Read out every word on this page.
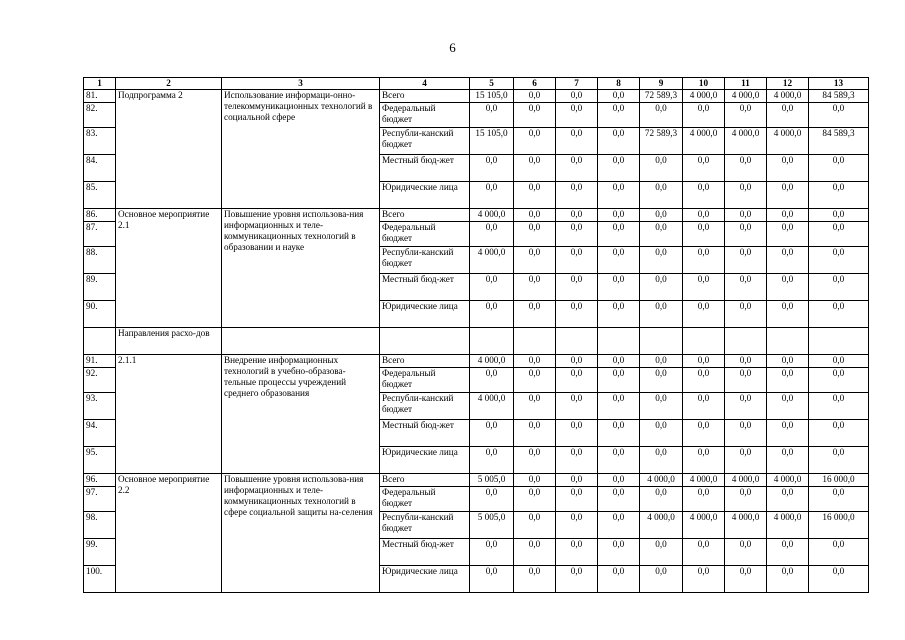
6
1	2	3	4	5	6	7	8	9	10	11	12	13
81.	Подпрограмма 2	Использование информаци-онно-телекоммуникационных технологий в социальной сфере	Всего	15 105,0	0,0	0,0	0,0	72 589,3	4 000,0	4 000,0	4 000,0	84 589,3
82.			Федеральный бюджет	0,0	0,0	0,0	0,0	0,0	0,0	0,0	0,0	0,0
83.			Республи-канский бюджет	15 105,0	0,0	0,0	0,0	72 589,3	4 000,0	4 000,0	4 000,0	84 589,3
84.			Местный бюд-жет	0,0	0,0	0,0	0,0	0,0	0,0	0,0	0,0	0,0
85.			Юридические лица	0,0	0,0	0,0	0,0	0,0	0,0	0,0	0,0	0,0
86.	Основное мероприятие 2.1	Повышение уровня использова-ния информационных и теле-коммуникационных технологий в образовании и науке	Всего	4 000,0	0,0	0,0	0,0	0,0	0,0	0,0	0,0	0,0
87.			Федеральный бюджет	0,0	0,0	0,0	0,0	0,0	0,0	0,0	0,0	0,0
88.			Республи-канский бюджет	4 000,0	0,0	0,0	0,0	0,0	0,0	0,0	0,0	0,0
89.			Местный бюд-жет	0,0	0,0	0,0	0,0	0,0	0,0	0,0	0,0	0,0
90.			Юридические лица	0,0	0,0	0,0	0,0	0,0	0,0	0,0	0,0	0,0
	Направления расхо-дов											
91.	2.1.1	Внедрение информационных технологий в учебно-образова-тельные процессы учреждений среднего образования	Всего	4 000,0	0,0	0,0	0,0	0,0	0,0	0,0	0,0	0,0
92.			Федеральный бюджет	0,0	0,0	0,0	0,0	0,0	0,0	0,0	0,0	0,0
93.			Республи-канский бюджет	4 000,0	0,0	0,0	0,0	0,0	0,0	0,0	0,0	0,0
94.			Местный бюд-жет	0,0	0,0	0,0	0,0	0,0	0,0	0,0	0,0	0,0
95.			Юридические лица	0,0	0,0	0,0	0,0	0,0	0,0	0,0	0,0	0,0
96.	Основное мероприятие 2.2	Повышение уровня использова-ния информационных и теле-коммуникационных технологий в сфере социальной защиты на-селения	Всего	5 005,0	0,0	0,0	0,0	4 000,0	4 000,0	4 000,0	4 000,0	16 000,0
97.			Федеральный бюджет	0,0	0,0	0,0	0,0	0,0	0,0	0,0	0,0	0,0
98.			Республи-канский бюджет	5 005,0	0,0	0,0	0,0	4 000,0	4 000,0	4 000,0	4 000,0	16 000,0
99.			Местный бюд-жет	0,0	0,0	0,0	0,0	0,0	0,0	0,0	0,0	0,0
100.			Юридические лица	0,0	0,0	0,0	0,0	0,0	0,0	0,0	0,0	0,0
